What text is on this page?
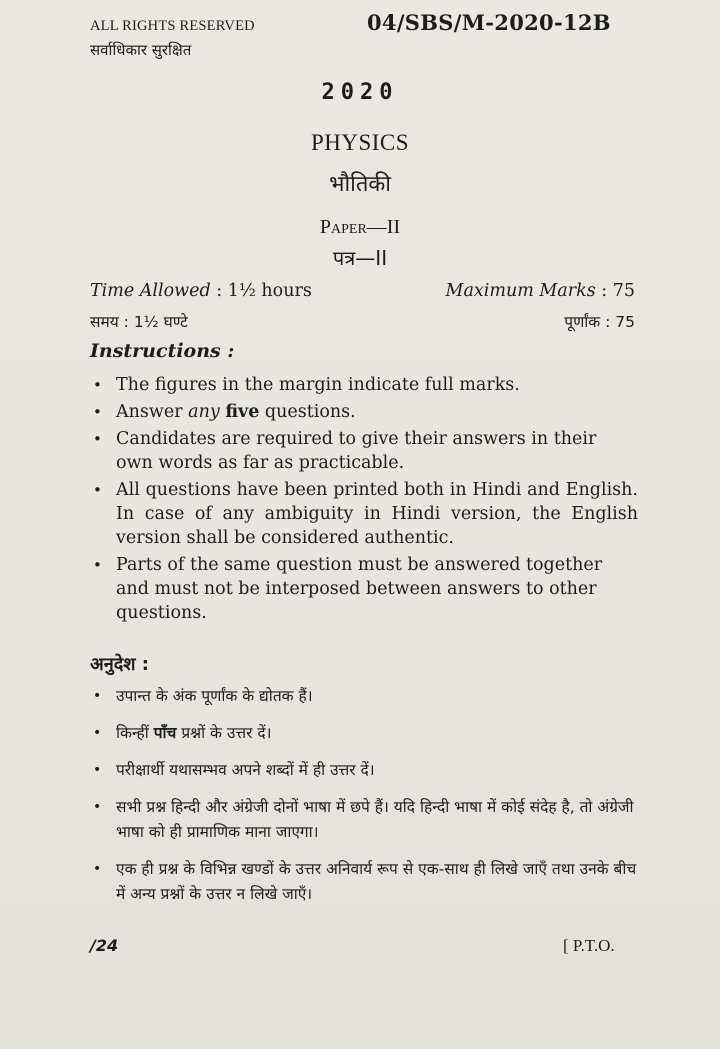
ALL RIGHTS RESERVED
सर्वाधिकार सुरक्षित
04/SBS/M-2020-12B
2020
PHYSICS
भौतिकी
Paper—II
पत्र—II
Time Allowed : 1½ hours	Maximum Marks : 75
समय : 1½ घण्टे	पूर्णांक : 75
Instructions :
• The figures in the margin indicate full marks.
• Answer any five questions.
• Candidates are required to give their answers in their own words as far as practicable.
• All questions have been printed both in Hindi and English. In case of any ambiguity in Hindi version, the English version shall be considered authentic.
• Parts of the same question must be answered together and must not be interposed between answers to other questions.
अनुदेश :
• उपान्त के अंक पूर्णांक के द्योतक हैं।
• किन्हीं पाँच प्रश्नों के उत्तर दें।
• परीक्षार्थी यथासम्भव अपने शब्दों में ही उत्तर दें।
• सभी प्रश्न हिन्दी और अंग्रेजी दोनों भाषा में छपे हैं। यदि हिन्दी भाषा में कोई संदेह है, तो अंग्रेजी भाषा को ही प्रामाणिक माना जाएगा।
• एक ही प्रश्न के विभिन्न खण्डों के उत्तर अनिवार्य रूप से एक-साथ ही लिखे जाएँ तथा उनके बीच में अन्य प्रश्नों के उत्तर न लिखे जाएँ।
/24	[ P.T.O.
